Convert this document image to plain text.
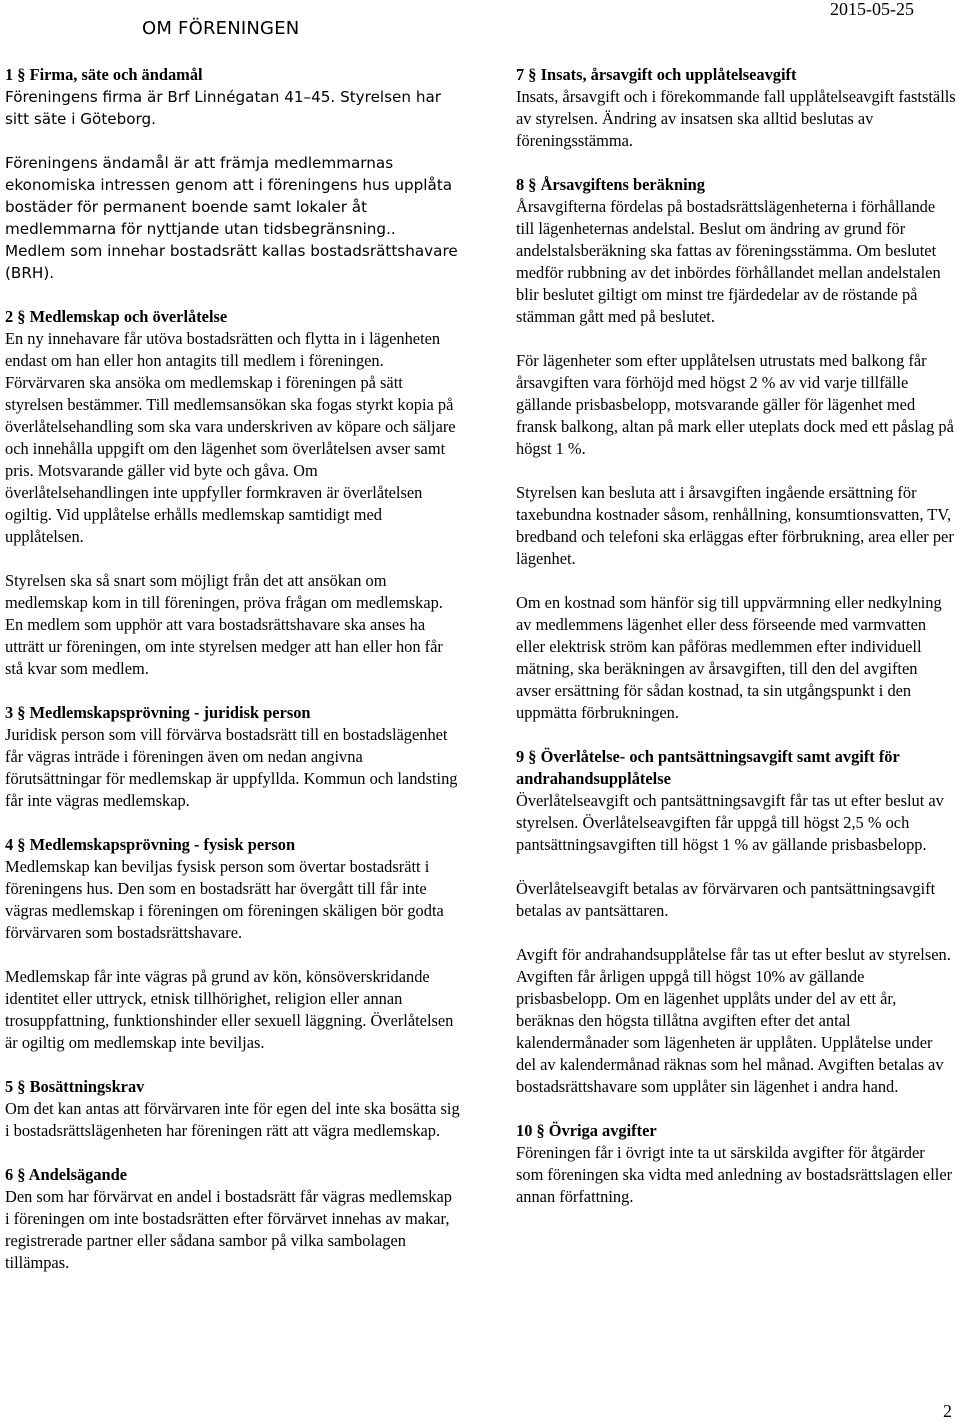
OM FÖRENINGEN
2015-05-25
1 § Firma, säte och ändamål

Föreningens firma är Brf Linnégatan 41–45. Styrelsen har sitt säte i Göteborg.

Föreningens ändamål är att främja medlemmarnas ekonomiska intressen genom att i föreningens hus upplåta bostäder för permanent boende samt lokaler åt medlemmarna för nyttjande utan tidsbegränsning.. Medlem som innehar bostadsrätt kallas bostadsrättshavare (BRH).

2 § Medlemskap och överlåtelse

En ny innehavare får utöva bostadsrätten och flytta in i lägenheten endast om han eller hon antagits till medlem i föreningen. Förvärvaren ska ansöka om medlemskap i föreningen på sätt styrelsen bestämmer. Till medlemsansökan ska fogas styrkt kopia på överlåtelsehandling som ska vara underskriven av köpare och säljare och innehålla uppgift om den lägenhet som överlåtelsen avser samt pris. Motsvarande gäller vid byte och gåva. Om överlåtelsehandlingen inte uppfyller formkraven är överlåtelsen ogiltig. Vid upplåtelse erhålls medlemskap samtidigt med upplåtelsen.

Styrelsen ska så snart som möjligt från det att ansökan om medlemskap kom in till föreningen, pröva frågan om medlemskap. En medlem som upphör att vara bostadsrättshavare ska anses ha utträtt ur föreningen, om inte styrelsen medger att han eller hon får stå kvar som medlem.

3 § Medlemskapsprövning - juridisk person

Juridisk person som vill förvärva bostadsrätt till en bostadslägenhet får vägras inträde i föreningen även om nedan angivna förutsättningar för medlemskap är uppfyllda. Kommun och landsting får inte vägras medlemskap.

4 § Medlemskapsprövning - fysisk person

Medlemskap kan beviljas fysisk person som övertar bostadsrätt i föreningens hus. Den som en bostadsrätt har övergått till får inte vägras medlemskap i föreningen om föreningen skäligen bör godta förvärvaren som bostadsrättshavare.

Medlemskap får inte vägras på grund av kön, könsöverskridande identitet eller uttryck, etnisk tillhörighet, religion eller annan trosuppfattning, funktionshinder eller sexuell läggning. Överlåtelsen är ogiltig om medlemskap inte beviljas.

5 § Bosättningskrav

Om det kan antas att förvärvaren inte för egen del inte ska bosätta sig i bostadsrättslägenheten har föreningen rätt att vägra medlemskap.

6 § Andelsägande

Den som har förvärvat en andel i bostadsrätt får vägras medlemskap i föreningen om inte bostadsrätten efter förvärvet innehas av makar, registrerade partner eller sådana sambor på vilka sambolagen tillämpas.

7 § Insats, årsavgift och upplåtelseavgift

Insats, årsavgift och i förekommande fall upplåtelseavgift fastställs av styrelsen. Ändring av insatsen ska alltid beslutas av föreningsstämma.

8 § Årsavgiftens beräkning

Årsavgifterna fördelas på bostadsrättslägenheterna i förhållande till lägenheternas andelstal. Beslut om ändring av grund för andelstalsberäkning ska fattas av föreningsstämma. Om beslutet medför rubbning av det inbördes förhållandet mellan andelstalen blir beslutet giltigt om minst tre fjärdedelar av de röstande på stämman gått med på beslutet.

För lägenheter som efter upplåtelsen utrustats med balkong får årsavgiften vara förhöjd med högst 2 % av vid varje tillfälle gällande prisbasbelopp, motsvarande gäller för lägenhet med fransk balkong, altan på mark eller uteplats dock med ett påslag på högst 1 %.

Styrelsen kan besluta att i årsavgiften ingående ersättning för taxebundna kostnader såsom, renhållning, konsumtionsvatten, TV, bredband och telefoni ska erläggas efter förbrukning, area eller per lägenhet.

Om en kostnad som hänför sig till uppvärmning eller nedkylning av medlemmens lägenhet eller dess förseende med varmvatten eller elektrisk ström kan påföras medlemmen efter individuell mätning, ska beräkningen av årsavgiften, till den del avgiften avser ersättning för sådan kostnad, ta sin utgångspunkt i den uppmätta förbrukningen.

9 § Överlåtelse- och pantsättningsavgift samt avgift för andrahandsupplåtelse

Överlåtelseavgift och pantsättningsavgift får tas ut efter beslut av styrelsen. Överlåtelseavgiften får uppgå till högst 2,5 % och pantsättningsavgiften till högst 1 % av gällande prisbasbelopp.

Överlåtelseavgift betalas av förvärvaren och pantsättningsavgift betalas av pantsättaren.

Avgift för andrahandsupplåtelse får tas ut efter beslut av styrelsen. Avgiften får årligen uppgå till högst 10% av gällande prisbasbelopp. Om en lägenhet upplåts under del av ett år, beräknas den högsta tillåtna avgiften efter det antal kalendermånader som lägenheten är upplåten. Upplåtelse under del av kalendermånad räknas som hel månad. Avgiften betalas av bostadsrättshavare som upplåter sin lägenhet i andra hand.

10 § Övriga avgifter

Föreningen får i övrigt inte ta ut särskilda avgifter för åtgärder som föreningen ska vidta med anledning av bostadsrättslagen eller annan författning.

2
